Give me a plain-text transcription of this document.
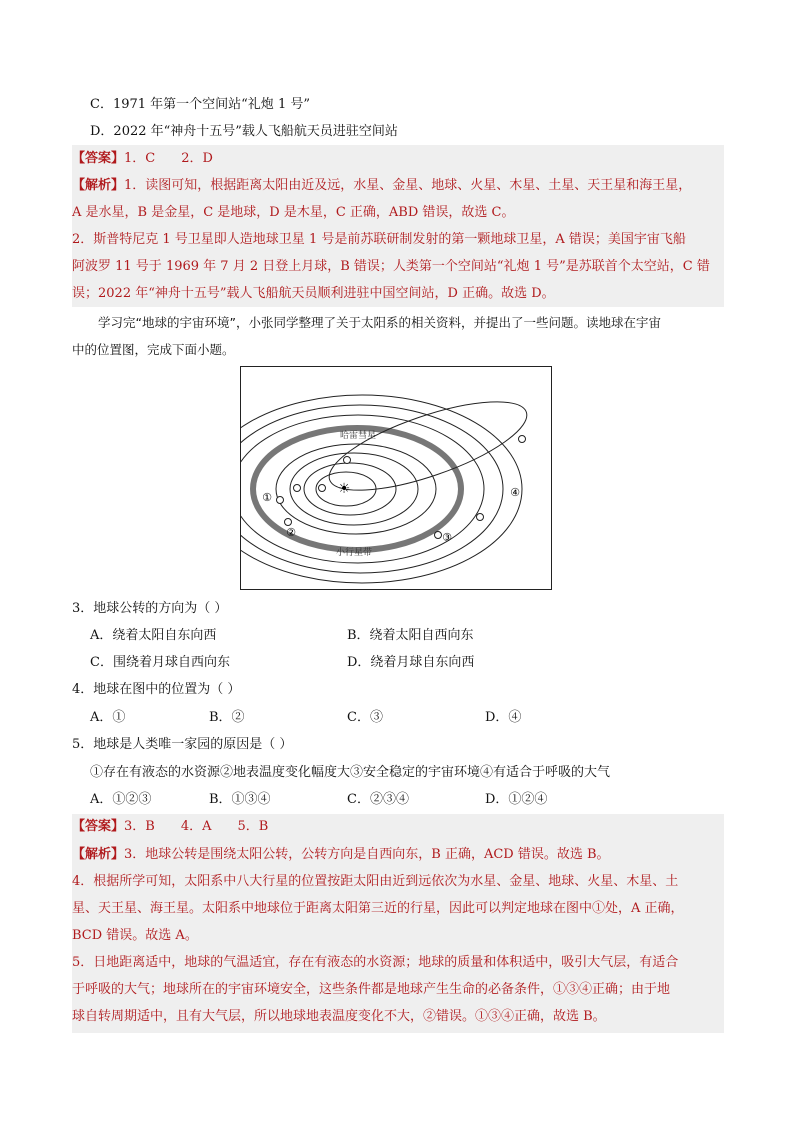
C．1971 年第一个空间站“礼炮 1 号”
D．2022 年“神舟十五号”载人飞船航天员进驻空间站
【答案】1．C 2．D
【解析】1．读图可知，根据距离太阳由近及远，水星、金星、地球、火星、木星、土星、天王星和海王星，
A 是水星，B 是金星，C 是地球，D 是木星，C 正确，ABD 错误，故选 C。
2．斯普特尼克 1 号卫星即人造地球卫星 1 号是前苏联研制发射的第一颗地球卫星，A 错误；美国宇宙飞船
阿波罗 11 号于 1969 年 7 月 2 日登上月球，B 错误；人类第一个空间站“礼炮 1 号”是苏联首个太空站，C 错
误；2022 年“神舟十五号”载人飞船航天员顺利进驻中国空间站，D 正确。故选 D。
学习完“地球的宇宙环境”，小张同学整理了关于太阳系的相关资料，并提出了一些问题。读地球在宇宙
中的位置图，完成下面小题。
☀
哈雷彗星
小行星带
①
②	③
④
3．地球公转的方向为（ ）
A．绕着太阳自东向西	B．绕着太阳自西向东
C．围绕着月球自西向东	D．绕着月球自东向西
4．地球在图中的位置为（ ）
A．①	B．②	C．③	D．④
5．地球是人类唯一家园的原因是（ ）
①存在有液态的水资源②地表温度变化幅度大③安全稳定的宇宙环境④有适合于呼吸的大气
A．①②③	B．①③④	C．②③④	D．①②④
【答案】3．B 4．A 5．B
【解析】3．地球公转是围绕太阳公转，公转方向是自西向东，B 正确，ACD 错误。故选 B。
4．根据所学可知，太阳系中八大行星的位置按距太阳由近到远依次为水星、金星、地球、火星、木星、土
星、天王星、海王星。太阳系中地球位于距离太阳第三近的行星，因此可以判定地球在图中①处，A 正确，
BCD 错误。故选 A。
5．日地距离适中，地球的气温适宜，存在有液态的水资源；地球的质量和体积适中，吸引大气层，有适合
于呼吸的大气；地球所在的宇宙环境安全，这些条件都是地球产生生命的必备条件，①③④正确；由于地
球自转周期适中，且有大气层，所以地球地表温度变化不大，②错误。①③④正确，故选 B。
